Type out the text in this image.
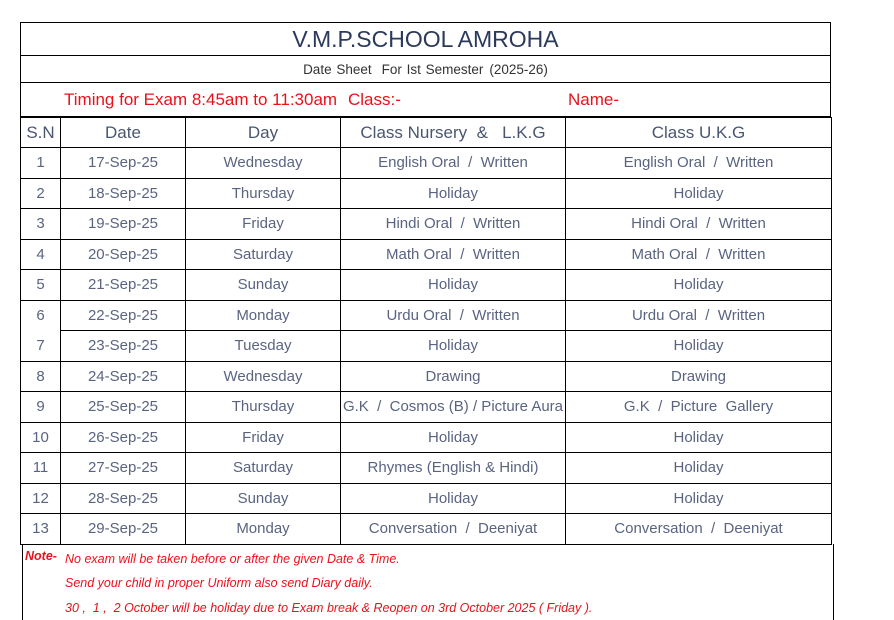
V.M.P.SCHOOL AMROHA
Date Sheet For Ist Semester (2025-26)
Timing for Exam 8:45am to 11:30am Class:-	Name-
S.N	Date	Day	Class Nursery  &   L.K.G	Class U.K.G
1	17-Sep-25	Wednesday	English Oral  /  Written	English Oral  /  Written
2	18-Sep-25	Thursday	Holiday	Holiday
3	19-Sep-25	Friday	Hindi Oral  /  Written	Hindi Oral  /  Written
4	20-Sep-25	Saturday	Math Oral  /  Written	Math Oral  /  Written
5	21-Sep-25	Sunday	Holiday	Holiday
6	22-Sep-25	Monday	Urdu Oral  /  Written	Urdu Oral  /  Written
7	23-Sep-25	Tuesday	Holiday	Holiday
8	24-Sep-25	Wednesday	Drawing	Drawing
9	25-Sep-25	Thursday	G.K  /  Cosmos (B) / Picture Aura	G.K  /  Picture  Gallery
10	26-Sep-25	Friday	Holiday	Holiday
11	27-Sep-25	Saturday	Rhymes (English & Hindi)	Holiday
12	28-Sep-25	Sunday	Holiday	Holiday
13	29-Sep-25	Monday	Conversation  /  Deeniyat	Conversation  /  Deeniyat
Note- No exam will be taken before or after the given Date & Time.
Send your child in proper Uniform also send Diary daily.
30 ,  1 ,  2 October will be holiday due to Exam break & Reopen on 3rd October 2025 ( Friday ).
